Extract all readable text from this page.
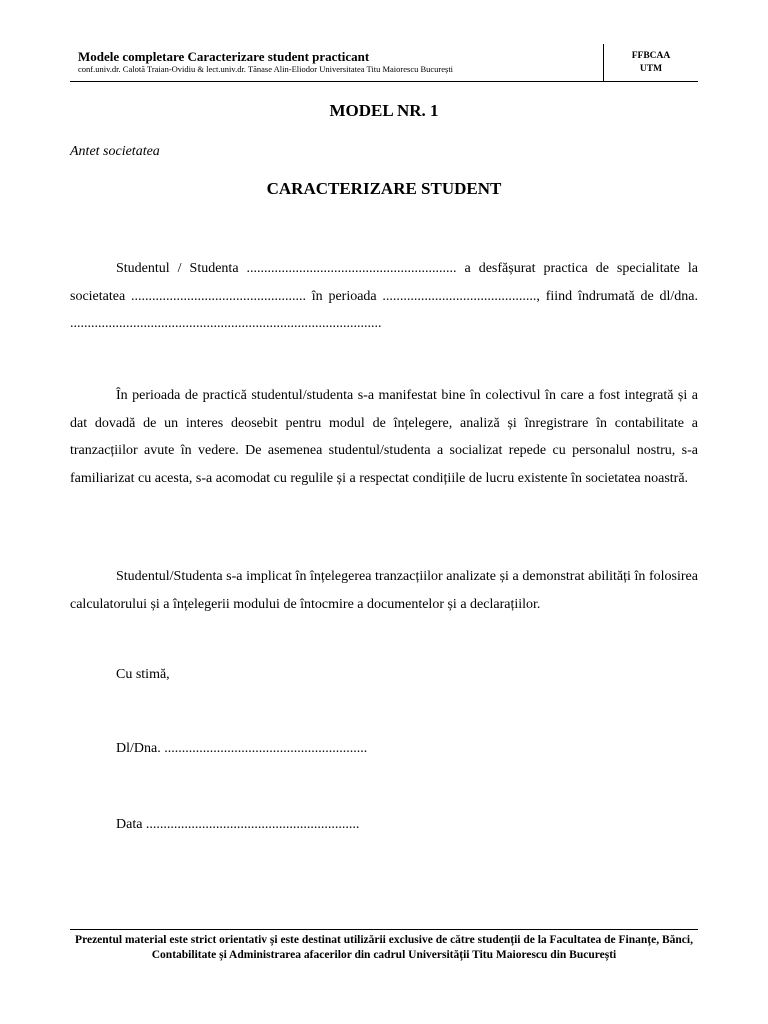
Modele completare Caracterizare student practicant
conf.univ.dr. Calotă Traian-Ovidiu & lect.univ.dr. Tănase Alin-Eliodor Universitatea Titu Maiorescu București
FFBCAA
UTM
MODEL NR. 1
Antet societatea
CARACTERIZARE STUDENT

Studentul / Studenta ............................................................ a desfășurat practica de specialitate la societatea .................................................. în perioada ............................................, fiind îndrumată de dl/dna. .........................................................................................

În perioada de practică studentul/studenta s-a manifestat bine în colectivul în care a fost integrată și a dat dovadă de un interes deosebit pentru modul de înțelegere, analiză și înregistrare în contabilitate a tranzacțiilor avute în vedere. De asemenea studentul/studenta a socializat repede cu personalul nostru, s-a familiarizat cu acesta, s-a acomodat cu regulile și a respectat condițiile de lucru existente în societatea noastră.

Studentul/Studenta s-a implicat în înțelegerea tranzacțiilor analizate și a demonstrat abilități în folosirea calculatorului și a înțelegerii modului de întocmire a documentelor și a declarațiilor.

Cu stimă,
Dl/Dna. ..........................................................
Data .............................................................
Prezentul material este strict orientativ și este destinat utilizării exclusive de către studenții de la Facultatea de Finanțe, Bănci, Contabilitate și Administrarea afacerilor din cadrul Universității Titu Maiorescu din București
